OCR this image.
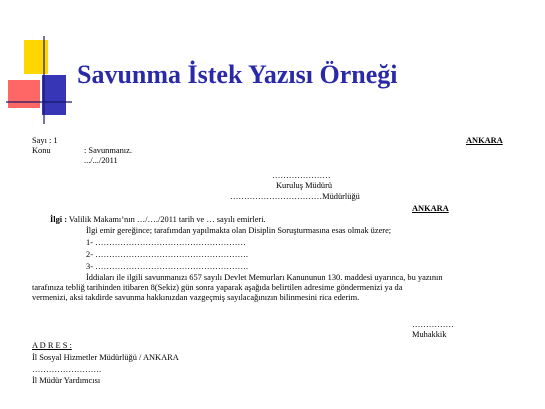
Savunma İstek Yazısı Örneği
Sayı : 1	ANKARA
Konu	: Savunmanız.
.../.../2011
…………………
Kuruluş Müdürü
……………………………Müdürlüğü
ANKARA
İlgi : Valilik Makamı’nın …/…./2011 tarih ve … sayılı emirleri.
İlgi emir gereğince; tarafımdan yapılmakta olan Disiplin Soruşturmasına esas olmak üzere;
1- ………………………………………………
2- ……………………………………………….
3- ……………………………………………….
İddiaları ile ilgili savunmanızı 657 sayılı Devlet Memurları Kanununun 130. maddesi uyarınca, bu yazının
tarafınıza tebliğ tarihinden itibaren 8(Sekiz) gün sonra yaparak aşağıda belirtilen adresime göndermenizi ya da
vermenizi, aksi takdirde savunma hakkınızdan vazgeçmiş sayılacağınızın bilinmesini rica ederim.
……………
Muhakkik
A D R E S :
İl Sosyal Hizmetler Müdürlüğü / ANKARA
…………………….
İl Müdür Yardımcısı
